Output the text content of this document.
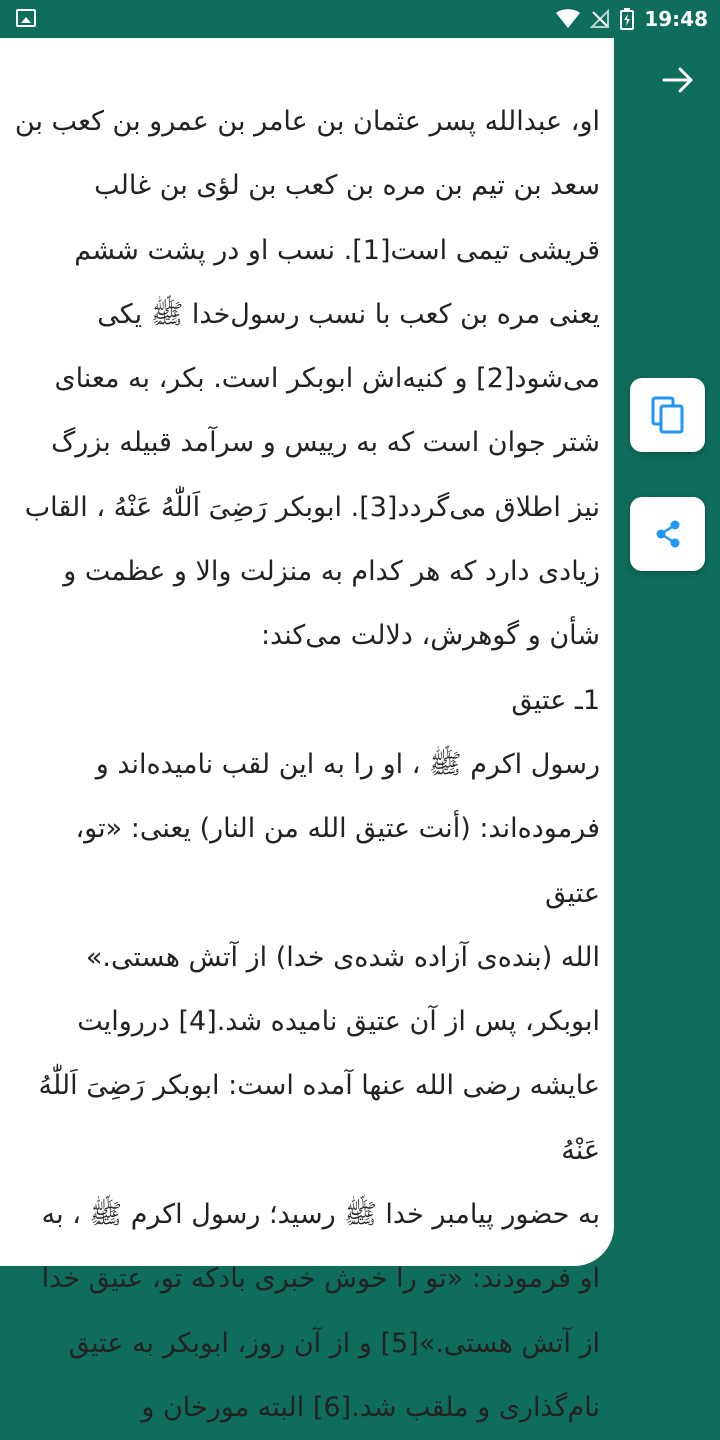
19:48

او، عبدالله پسر عثمان بن عامر بن عمرو بن کعب بن

سعد بن تیم بن مره بن کعب بن لؤی بن غالب

قریشی تیمی است[1]. نسب او در پشت ششم

یعنی مره بن کعب با نسب رسول‌خدا ﷺ یکی

می‌شود[2] و کنیه‌اش ابوبکر است. بکر، به معنای

شتر جوان است که به رییس و سرآمد قبیله بزرگ

نیز اطلاق می‌گردد[3]. ابوبکر رَضِیَ اَللّٰهُ عَنْهُ ، القاب

زیادی دارد که هر کدام به منزلت والا و عظمت و

شأن و گوهرش، دلالت می‌کند:

1ـ عتیق

رسول اکرم ﷺ ، او را به این لقب نامیده‌اند و

فرموده‌اند: (أنت عتيق الله من النار) یعنی: «تو، عتیق

الله (بنده‌ی آزاده شده‌ی خدا) از آتش هستی.»

ابوبکر، پس از آن عتیق نامیده شد.[4] درروایت

عایشه رضی الله عنها آمده است: ابوبکر رَضِیَ اَللّٰهُ عَنْهُ

به حضور پیامبر خدا ﷺ رسید؛ رسول اکرم ﷺ ، به

او فرمودند: «تو را خوش خبری بادکه تو، عتیق خدا

از آتش هستی.»[5] و از آن روز، ابوبکر به عتیق

نام‌گذاری و ملقب شد.[6] البته مورخان و
